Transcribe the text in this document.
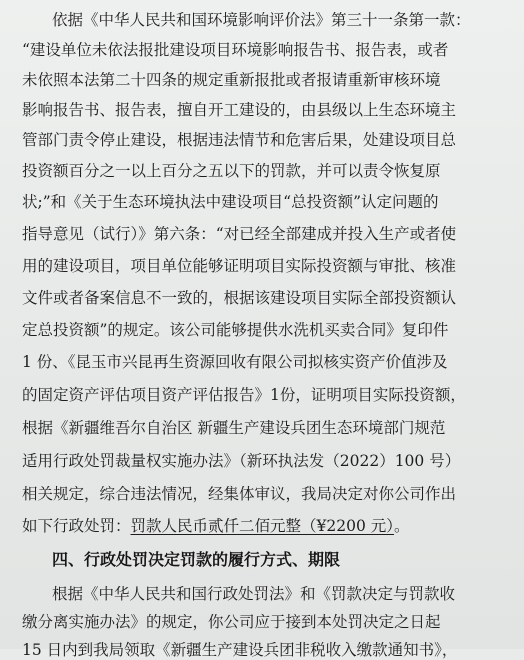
依据《中华人民共和国环境影响评价法》第三十一条第一款：
“建设单位未依法报批建设项目环境影响报告书、报告表，或者
未依照本法第二十四条的规定重新报批或者报请重新审核环境
影响报告书、报告表，擅自开工建设的，由县级以上生态环境主
管部门责令停止建设，根据违法情节和危害后果，处建设项目总
投资额百分之一以上百分之五以下的罚款，并可以责令恢复原
状;”和《关于生态环境执法中建设项目“总投资额”认定问题的
指导意见（试行）》第六条：“对已经全部建成并投入生产或者使
用的建设项目，项目单位能够证明项目实际投资额与审批、核准
文件或者备案信息不一致的，根据该建设项目实际全部投资额认
定总投资额”的规定。该公司能够提供水洗机买卖合同》复印件
1 份、《昆玉市兴昆再生资源回收有限公司拟核实资产价值涉及
的固定资产评估项目资产评估报告》1份，证明项目实际投资额，
根据《新疆维吾尔自治区 新疆生产建设兵团生态环境部门规范
适用行政处罚裁量权实施办法》（新环执法发（2022）100 号）
相关规定，综合违法情况，经集体审议，我局决定对你公司作出
如下行政处罚：罚款人民币贰仟二佰元整（¥2200 元）。
四、行政处罚决定罚款的履行方式、期限
根据《中华人民共和国行政处罚法》和《罚款决定与罚款收
缴分离实施办法》的规定，你公司应于接到本处罚决定之日起
15 日内到我局领取《新疆生产建设兵团非税收入缴款通知书》，
